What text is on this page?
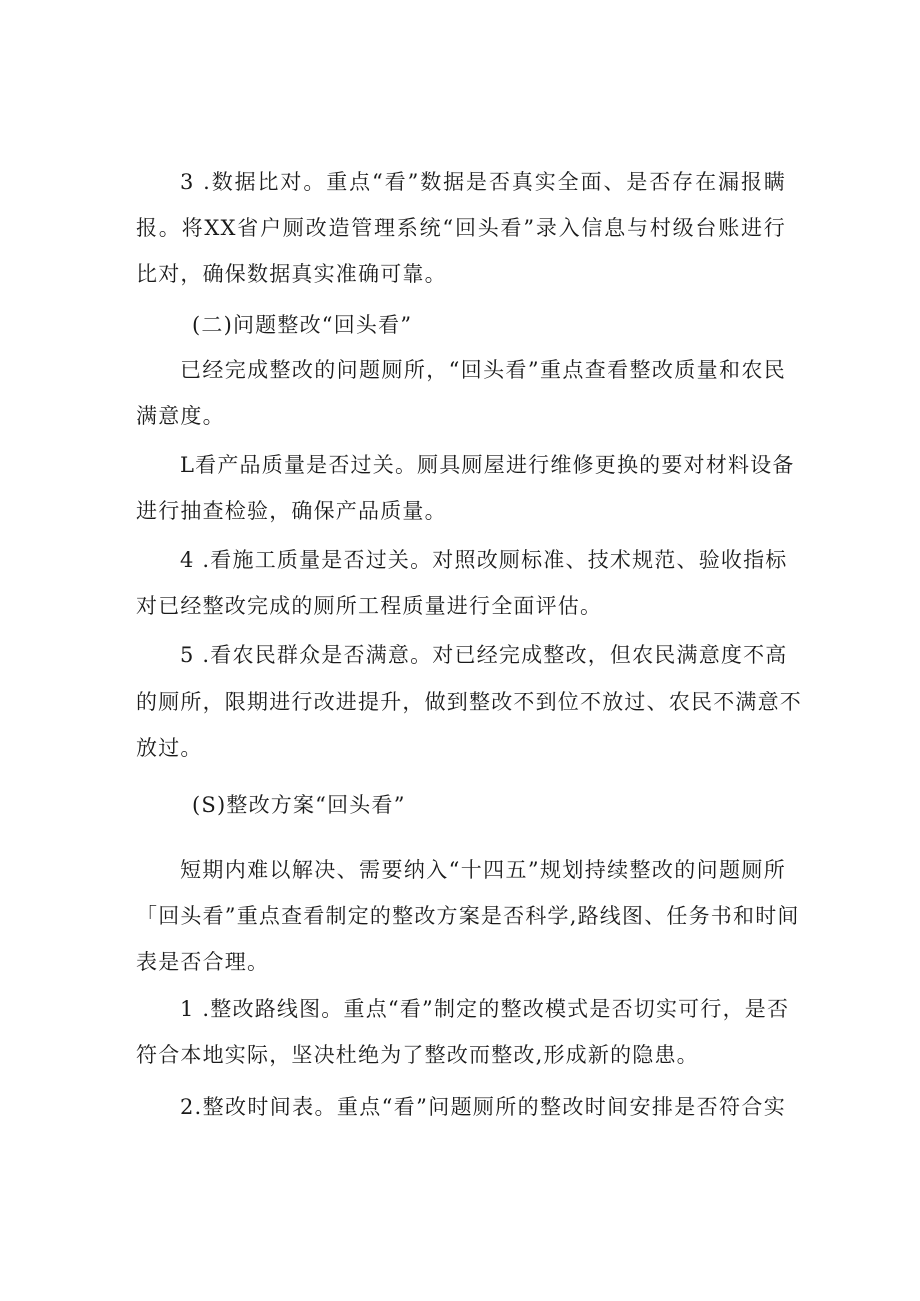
3 .数据比对。重点“看”数据是否真实全面、是否存在漏报瞒
报。将XX省户厕改造管理系统“回头看”录入信息与村级台账进行
比对，确保数据真实准确可靠。
(二)问题整改“回头看”
已经完成整改的问题厕所，“回头看”重点查看整改质量和农民
满意度。
L看产品质量是否过关。厕具厕屋进行维修更换的要对材料设备
进行抽查检验，确保产品质量。
4 .看施工质量是否过关。对照改厕标准、技术规范、验收指标
对已经整改完成的厕所工程质量进行全面评估。
5 .看农民群众是否满意。对已经完成整改，但农民满意度不高
的厕所，限期进行改进提升，做到整改不到位不放过、农民不满意不
放过。
(S)整改方案“回头看”
短期内难以解决、需要纳入“十四五”规划持续整改的问题厕所
「回头看”重点查看制定的整改方案是否科学,路线图、任务书和时间
表是否合理。
1 .整改路线图。重点“看”制定的整改模式是否切实可行，是否
符合本地实际，坚决杜绝为了整改而整改,形成新的隐患。
2.整改时间表。重点“看”问题厕所的整改时间安排是否符合实
